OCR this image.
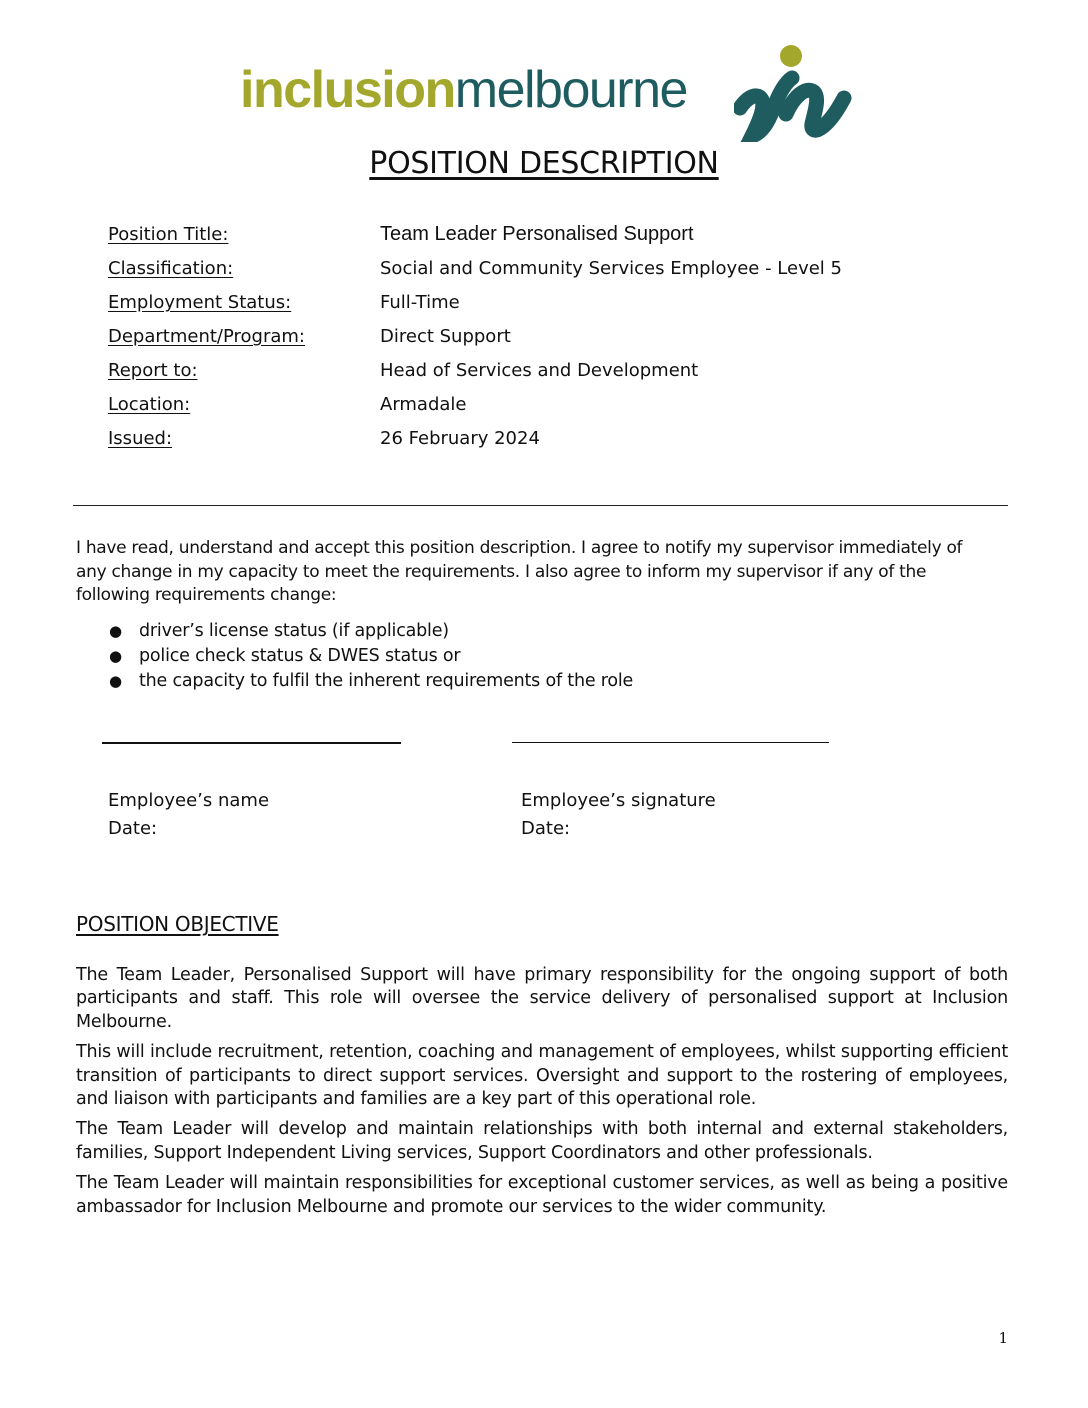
inclusionmelbourne
POSITION DESCRIPTION
Position Title:	Team Leader Personalised Support
Classification:	Social and Community Services Employee - Level 5
Employment Status:	Full-Time
Department/Program:	Direct Support
Report to:	Head of Services and Development
Location:	Armadale
Issued:	26 February 2024
I have read, understand and accept this position description. I agree to notify my supervisor immediately of any change in my capacity to meet the requirements. I also agree to inform my supervisor if any of the following requirements change:
● driver’s license status (if applicable)
● police check status & DWES status or
● the capacity to fulfil the inherent requirements of the role
Employee’s name
Date:
Employee’s signature
Date:
POSITION OBJECTIVE

The Team Leader, Personalised Support will have primary responsibility for the ongoing support of both participants and staff. This role will oversee the service delivery of personalised support at Inclusion Melbourne.

This will include recruitment, retention, coaching and management of employees, whilst supporting efficient transition of participants to direct support services. Oversight and support to the rostering of employees, and liaison with participants and families are a key part of this operational role.

The Team Leader will develop and maintain relationships with both internal and external stakeholders, families, Support Independent Living services, Support Coordinators and other professionals.

The Team Leader will maintain responsibilities for exceptional customer services, as well as being a positive ambassador for Inclusion Melbourne and promote our services to the wider community.

1
